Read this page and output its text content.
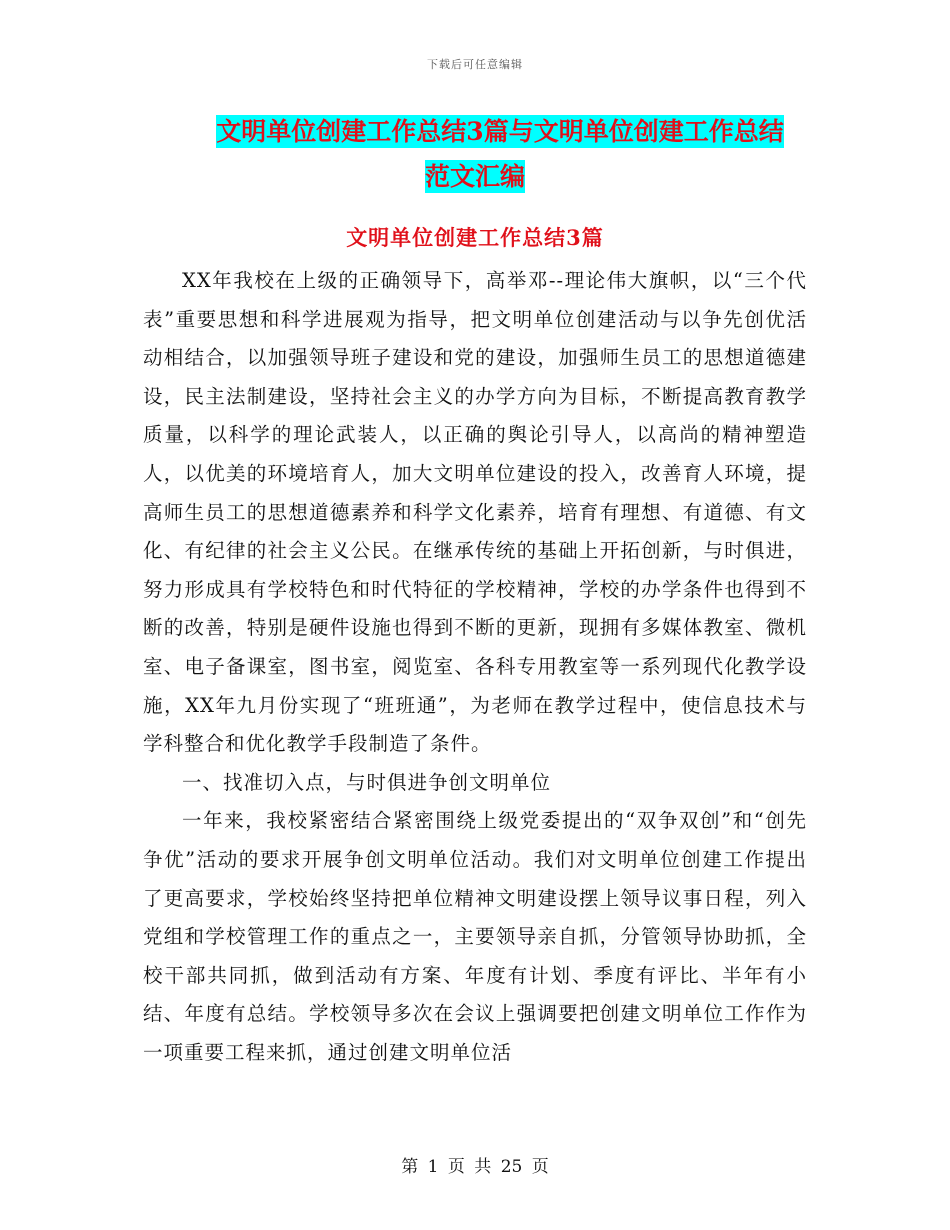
下载后可任意编辑
文明单位创建工作总结3篇与文明单位创建工作总结
范文汇编
文明单位创建工作总结3篇

XX年我校在上级的正确领导下，高举邓--理论伟大旗帜，以“三个代表”重要思想和科学进展观为指导，把文明单位创建活动与以争先创优活动相结合，以加强领导班子建设和党的建设，加强师生员工的思想道德建设，民主法制建设，坚持社会主义的办学方向为目标，不断提高教育教学质量，以科学的理论武装人，以正确的舆论引导人，以高尚的精神塑造人，以优美的环境培育人，加大文明单位建设的投入，改善育人环境，提高师生员工的思想道德素养和科学文化素养，培育有理想、有道德、有文化、有纪律的社会主义公民。在继承传统的基础上开拓创新，与时俱进，努力形成具有学校特色和时代特征的学校精神，学校的办学条件也得到不断的改善，特别是硬件设施也得到不断的更新，现拥有多媒体教室、微机室、电子备课室，图书室，阅览室、各科专用教室等一系列现代化教学设施，XX年九月份实现了“班班通”，为老师在教学过程中，使信息技术与学科整合和优化教学手段制造了条件。

一、找准切入点，与时俱进争创文明单位

一年来，我校紧密结合紧密围绕上级党委提出的“双争双创”和“创先争优”活动的要求开展争创文明单位活动。我们对文明单位创建工作提出了更高要求，学校始终坚持把单位精神文明建设摆上领导议事日程，列入党组和学校管理工作的重点之一，主要领导亲自抓，分管领导协助抓，全校干部共同抓，做到活动有方案、年度有计划、季度有评比、半年有小结、年度有总结。学校领导多次在会议上强调要把创建文明单位工作作为一项重要工程来抓，通过创建文明单位活

第 1 页 共 25 页
